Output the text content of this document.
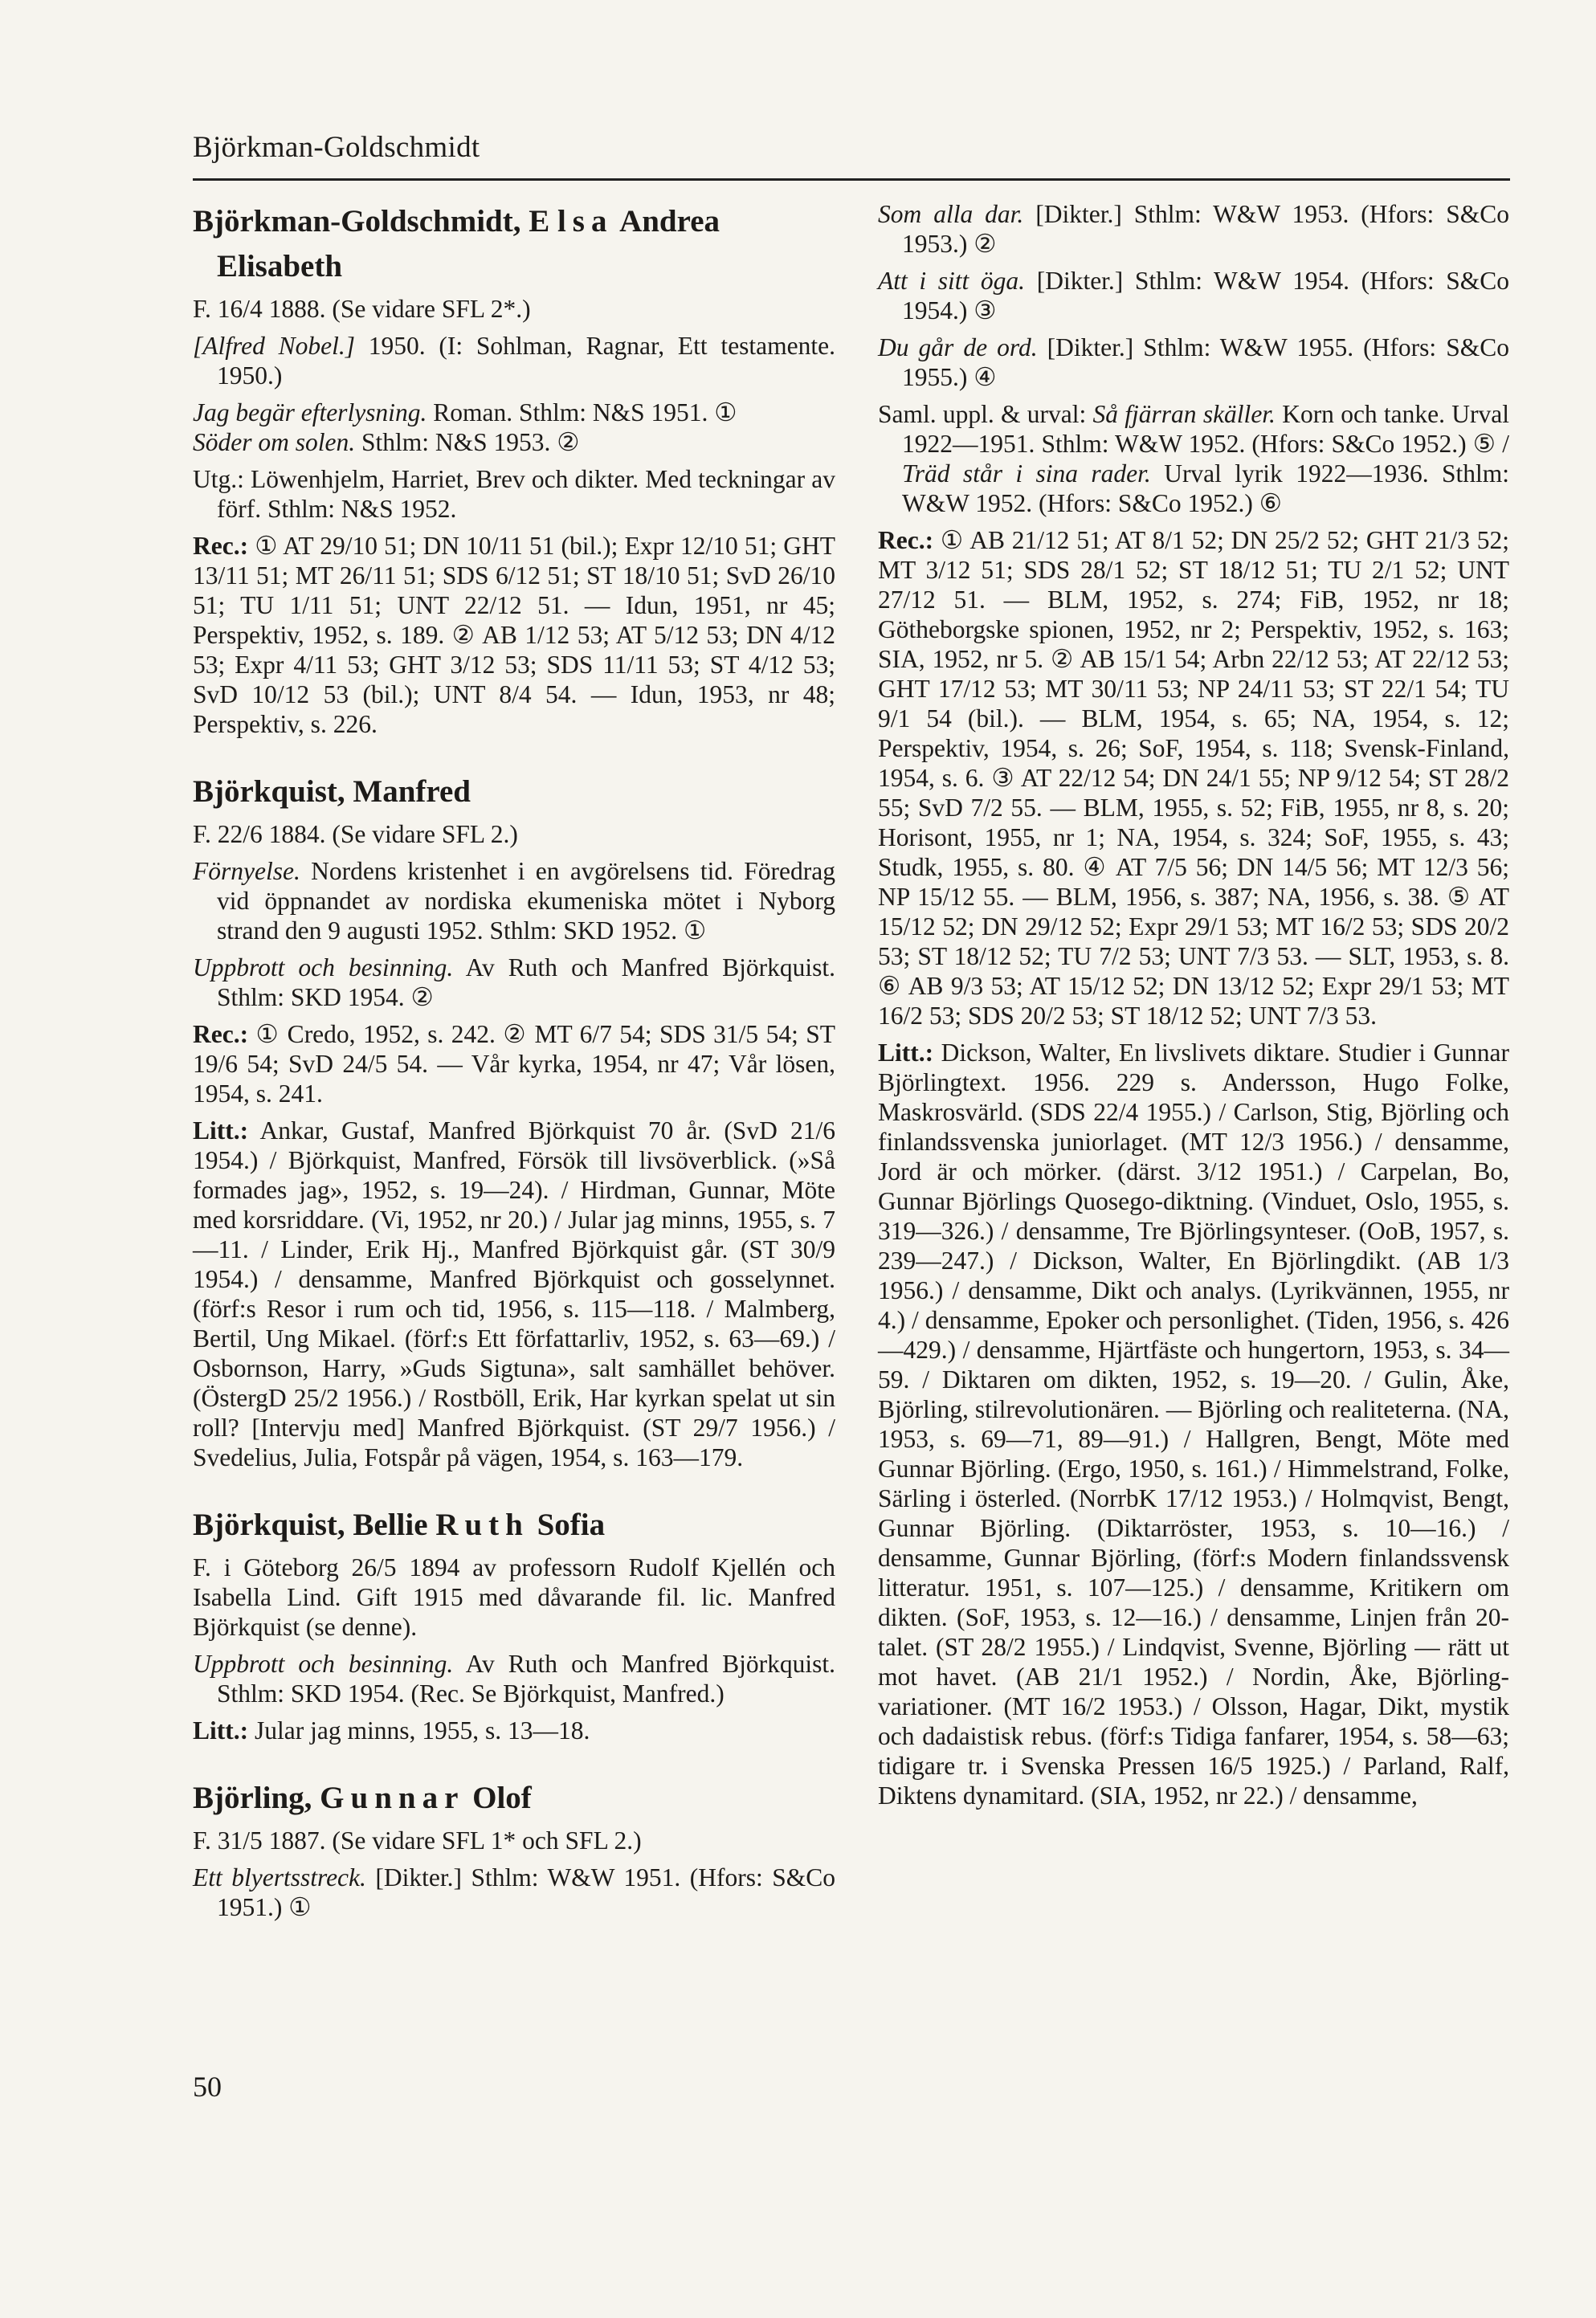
Björkman-Goldschmidt
Björkman-Goldschmidt, E lsa Andrea Elisabeth

F. 16/4 1888. (Se vidare SFL 2*.)

[Alfred Nobel.] 1950. (I: Sohlman, Ragnar, Ett testamente. 1950.)

Jag begär efterlysning. Roman. Sthlm: N&S 1951. ①

Söder om solen. Sthlm: N&S 1953. ②

Utg.: Löwenhjelm, Harriet, Brev och dikter. Med teckningar av förf. Sthlm: N&S 1952.

Rec.: ① AT 29/10 51; DN 10/11 51 (bil.); Expr 12/10 51; GHT 13/11 51; MT 26/11 51; SDS 6/12 51; ST 18/10 51; SvD 26/10 51; TU 1/11 51; UNT 22/12 51. — Idun, 1951, nr 45; Perspektiv, 1952, s. 189. ② AB 1/12 53; AT 5/12 53; DN 4/12 53; Expr 4/11 53; GHT 3/12 53; SDS 11/11 53; ST 4/12 53; SvD 10/12 53 (bil.); UNT 8/4 54. — Idun, 1953, nr 48; Perspektiv, s. 226.

Björkquist, Manfred

F. 22/6 1884. (Se vidare SFL 2.)

Förnyelse. Nordens kristenhet i en avgörelsens tid. Föredrag vid öppnandet av nordiska ekumeniska mötet i Nyborg strand den 9 augusti 1952. Sthlm: SKD 1952. ①

Uppbrott och besinning. Av Ruth och Manfred Björkquist. Sthlm: SKD 1954. ②

Rec.: ① Credo, 1952, s. 242. ② MT 6/7 54; SDS 31/5 54; ST 19/6 54; SvD 24/5 54. — Vår kyrka, 1954, nr 47; Vår lösen, 1954, s. 241.

Litt.: Ankar, Gustaf, Manfred Björkquist 70 år. (SvD 21/6 1954.) / Björkquist, Manfred, Försök till livsöverblick. (»Så formades jag», 1952, s. 19—24). / Hirdman, Gunnar, Möte med korsriddare. (Vi, 1952, nr 20.) / Jular jag minns, 1955, s. 7—11. / Linder, Erik Hj., Manfred Björkquist går. (ST 30/9 1954.) / densamme, Manfred Björkquist och gosselynnet. (förf:s Resor i rum och tid, 1956, s. 115—118. / Malmberg, Bertil, Ung Mikael. (förf:s Ett författarliv, 1952, s. 63—69.) / Osbornson, Harry, »Guds Sigtuna», salt samhället behöver. (ÖstergD 25/2 1956.) / Rostböll, Erik, Har kyrkan spelat ut sin roll? [Intervju med] Manfred Björkquist. (ST 29/7 1956.) / Svedelius, Julia, Fotspår på vägen, 1954, s. 163—179.

Björkquist, Bellie Ruth Sofia

F. i Göteborg 26/5 1894 av professorn Rudolf Kjellén och Isabella Lind. Gift 1915 med dåvarande fil. lic. Manfred Björkquist (se denne).

Uppbrott och besinning. Av Ruth och Manfred Björkquist. Sthlm: SKD 1954. (Rec. Se Björkquist, Manfred.)

Litt.: Jular jag minns, 1955, s. 13—18.

Björling, Gunnar Olof

F. 31/5 1887. (Se vidare SFL 1* och SFL 2.)

Ett blyertsstreck. [Dikter.] Sthlm: W&W 1951. (Hfors: S&Co 1951.) ①

Som alla dar. [Dikter.] Sthlm: W&W 1953. (Hfors: S&Co 1953.) ②

Att i sitt öga. [Dikter.] Sthlm: W&W 1954. (Hfors: S&Co 1954.) ③

Du går de ord. [Dikter.] Sthlm: W&W 1955. (Hfors: S&Co 1955.) ④

Saml. uppl. & urval: Så fjärran skäller. Korn och tanke. Urval 1922—1951. Sthlm: W&W 1952. (Hfors: S&Co 1952.) ⑤ / Träd står i sina rader. Urval lyrik 1922—1936. Sthlm: W&W 1952. (Hfors: S&Co 1952.) ⑥

Rec.: ① AB 21/12 51; AT 8/1 52; DN 25/2 52; GHT 21/3 52; MT 3/12 51; SDS 28/1 52; ST 18/12 51; TU 2/1 52; UNT 27/12 51. — BLM, 1952, s. 274; FiB, 1952, nr 18; Götheborgske spionen, 1952, nr 2; Perspektiv, 1952, s. 163; SIA, 1952, nr 5. ② AB 15/1 54; Arbn 22/12 53; AT 22/12 53; GHT 17/12 53; MT 30/11 53; NP 24/11 53; ST 22/1 54; TU 9/1 54 (bil.). — BLM, 1954, s. 65; NA, 1954, s. 12; Perspektiv, 1954, s. 26; SoF, 1954, s. 118; Svensk-Finland, 1954, s. 6. ③ AT 22/12 54; DN 24/1 55; NP 9/12 54; ST 28/2 55; SvD 7/2 55. — BLM, 1955, s. 52; FiB, 1955, nr 8, s. 20; Horisont, 1955, nr 1; NA, 1954, s. 324; SoF, 1955, s. 43; Studk, 1955, s. 80. ④ AT 7/5 56; DN 14/5 56; MT 12/3 56; NP 15/12 55. — BLM, 1956, s. 387; NA, 1956, s. 38. ⑤ AT 15/12 52; DN 29/12 52; Expr 29/1 53; MT 16/2 53; SDS 20/2 53; ST 18/12 52; TU 7/2 53; UNT 7/3 53. — SLT, 1953, s. 8. ⑥ AB 9/3 53; AT 15/12 52; DN 13/12 52; Expr 29/1 53; MT 16/2 53; SDS 20/2 53; ST 18/12 52; UNT 7/3 53.

Litt.: Dickson, Walter, En livslivets diktare. Studier i Gunnar Björlingtext. 1956. 229 s. Andersson, Hugo Folke, Maskrosvärld. (SDS 22/4 1955.) / Carlson, Stig, Björling och finlandssvenska juniorlaget. (MT 12/3 1956.) / densamme, Jord är och mörker. (därst. 3/12 1951.) / Carpelan, Bo, Gunnar Björlings Quosego-diktning. (Vinduet, Oslo, 1955, s. 319—326.) / densamme, Tre Björlingsynteser. (OoB, 1957, s. 239—247.) / Dickson, Walter, En Björlingdikt. (AB 1/3 1956.) / densamme, Dikt och analys. (Lyrikvännen, 1955, nr 4.) / densamme, Epoker och personlighet. (Tiden, 1956, s. 426—429.) / densamme, Hjärtfäste och hungertorn, 1953, s. 34—59. / Diktaren om dikten, 1952, s. 19—20. / Gulin, Åke, Björling, stilrevolutionären. — Björling och realiteterna. (NA, 1953, s. 69—71, 89—91.) / Hallgren, Bengt, Möte med Gunnar Björling. (Ergo, 1950, s. 161.) / Himmelstrand, Folke, Särling i österled. (NorrbK 17/12 1953.) / Holmqvist, Bengt, Gunnar Björling. (Diktarröster, 1953, s. 10—16.) / densamme, Gunnar Björling, (förf:s Modern finlandssvensk litteratur. 1951, s. 107—125.) / densamme, Kritikern om dikten. (SoF, 1953, s. 12—16.) / densamme, Linjen från 20-talet. (ST 28/2 1955.) / Lindqvist, Svenne, Björling — rätt ut mot havet. (AB 21/1 1952.) / Nordin, Åke, Björling-variationer. (MT 16/2 1953.) / Olsson, Hagar, Dikt, mystik och dadaistisk rebus. (förf:s Tidiga fanfarer, 1954, s. 58—63; tidigare tr. i Svenska Pressen 16/5 1925.) / Parland, Ralf, Diktens dynamitard. (SIA, 1952, nr 22.) / densamme,

50
